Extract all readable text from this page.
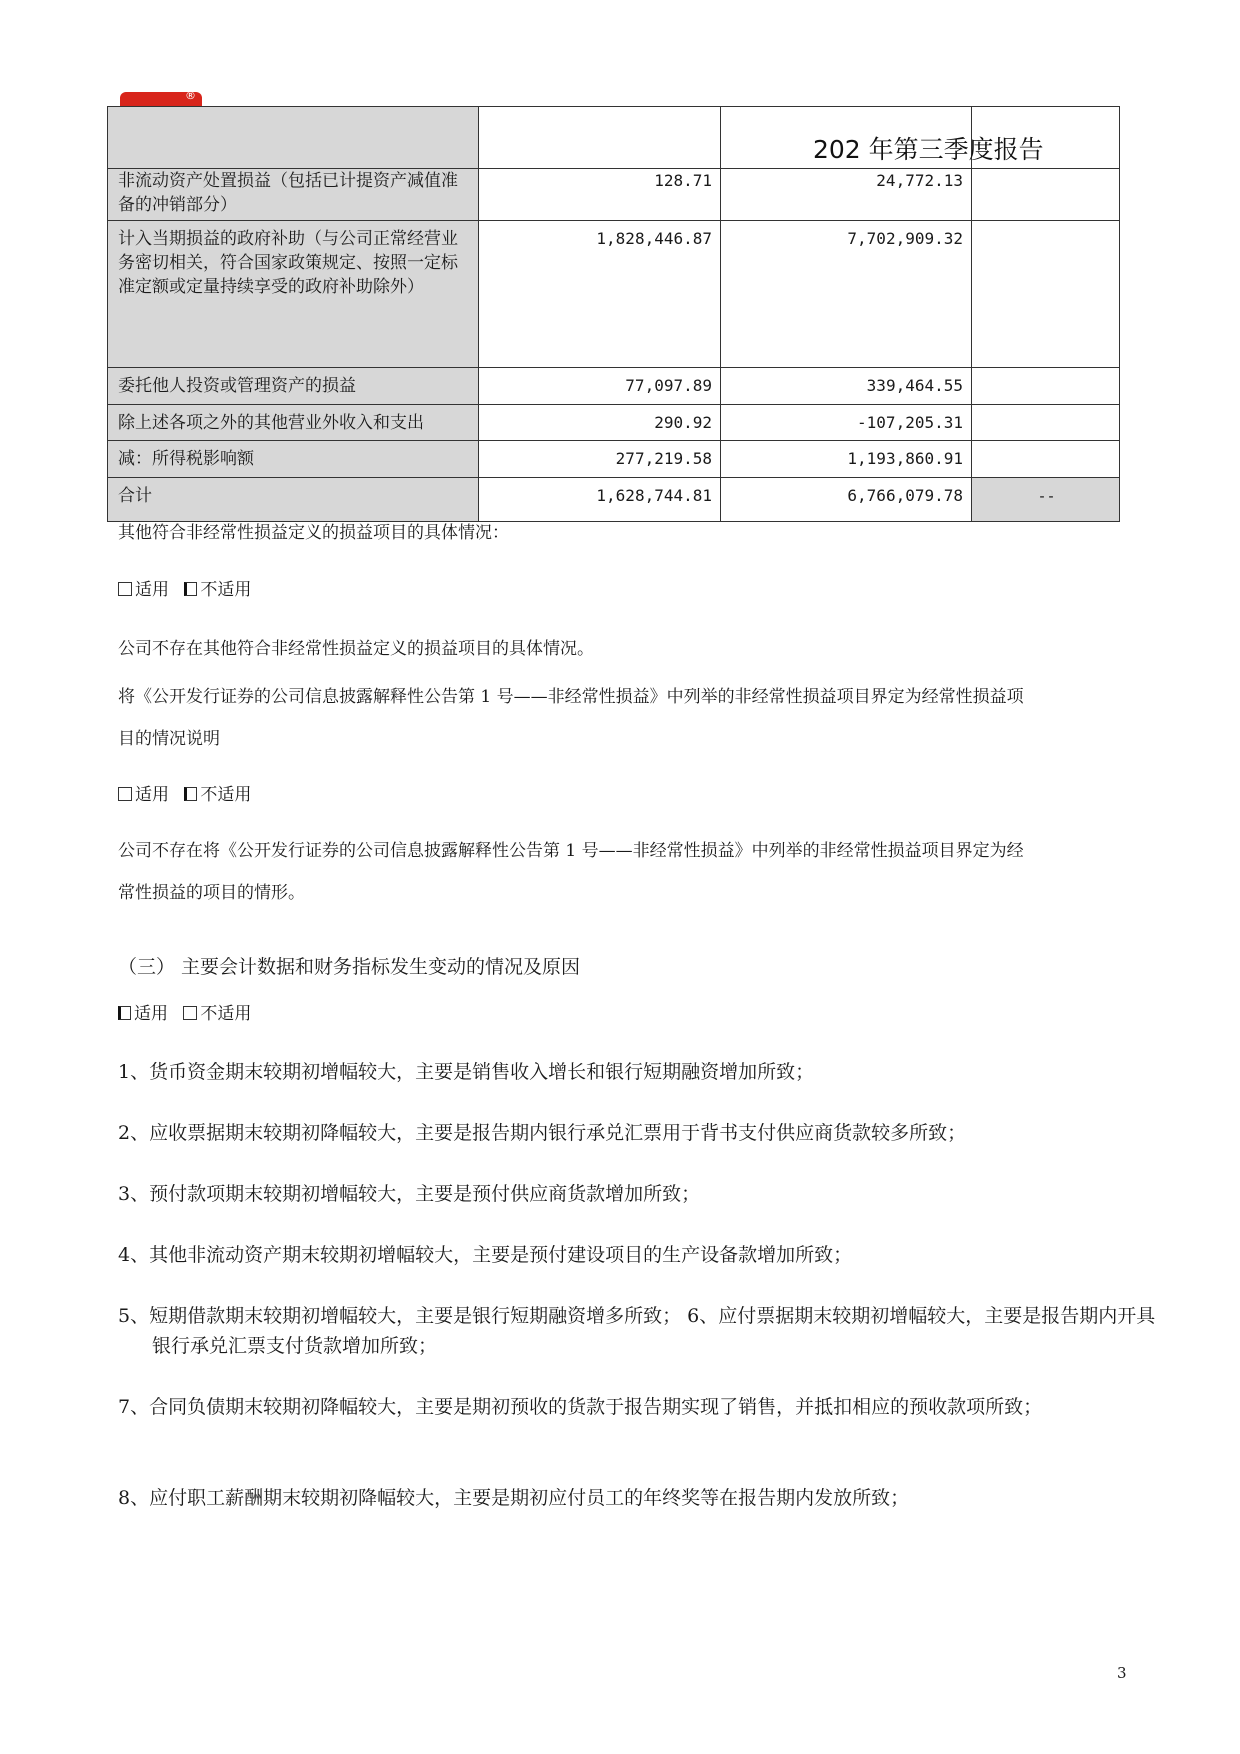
®
202 年第三季度报告

非流动资产处置损益（包括已计提资产减值准备的冲销部分）	128.71	24,772.13	
计入当期损益的政府补助（与公司正常经营业务密切相关，符合国家政策规定、按照一定标准定额或定量持续享受的政府补助除外）	1,828,446.87	7,702,909.32	
委托他人投资或管理资产的损益	77,097.89	339,464.55	
除上述各项之外的其他营业外收入和支出	290.92	-107,205.31	
减：所得税影响额	277,219.58	1,193,860.91	
合计	1,628,744.81	6,766,079.78	--
其他符合非经常性损益定义的损益项目的具体情况：
适用 不适用
公司不存在其他符合非经常性损益定义的损益项目的具体情况。
将《公开发行证券的公司信息披露解释性公告第 1 号——非经常性损益》中列举的非经常性损益项目界定为经常性损益项
目的情况说明
适用 不适用
公司不存在将《公开发行证券的公司信息披露解释性公告第 1 号——非经常性损益》中列举的非经常性损益项目界定为经
常性损益的项目的情形。
（三） 主要会计数据和财务指标发生变动的情况及原因
适用 不适用
1、货币资金期末较期初增幅较大，主要是销售收入增长和银行短期融资增加所致；
2、应收票据期末较期初降幅较大，主要是报告期内银行承兑汇票用于背书支付供应商货款较多所致；
3、预付款项期末较期初增幅较大，主要是预付供应商货款增加所致；
4、其他非流动资产期末较期初增幅较大，主要是预付建设项目的生产设备款增加所致；
5、短期借款期末较期初增幅较大，主要是银行短期融资增多所致； 6、应付票据期末较期初增幅较大，主要是报告期内开具银行承兑汇票支付货款增加所致；
7、合同负债期末较期初降幅较大，主要是期初预收的货款于报告期实现了销售，并抵扣相应的预收款项所致；
8、应付职工薪酬期末较期初降幅较大，主要是期初应付员工的年终奖等在报告期内发放所致；
3
